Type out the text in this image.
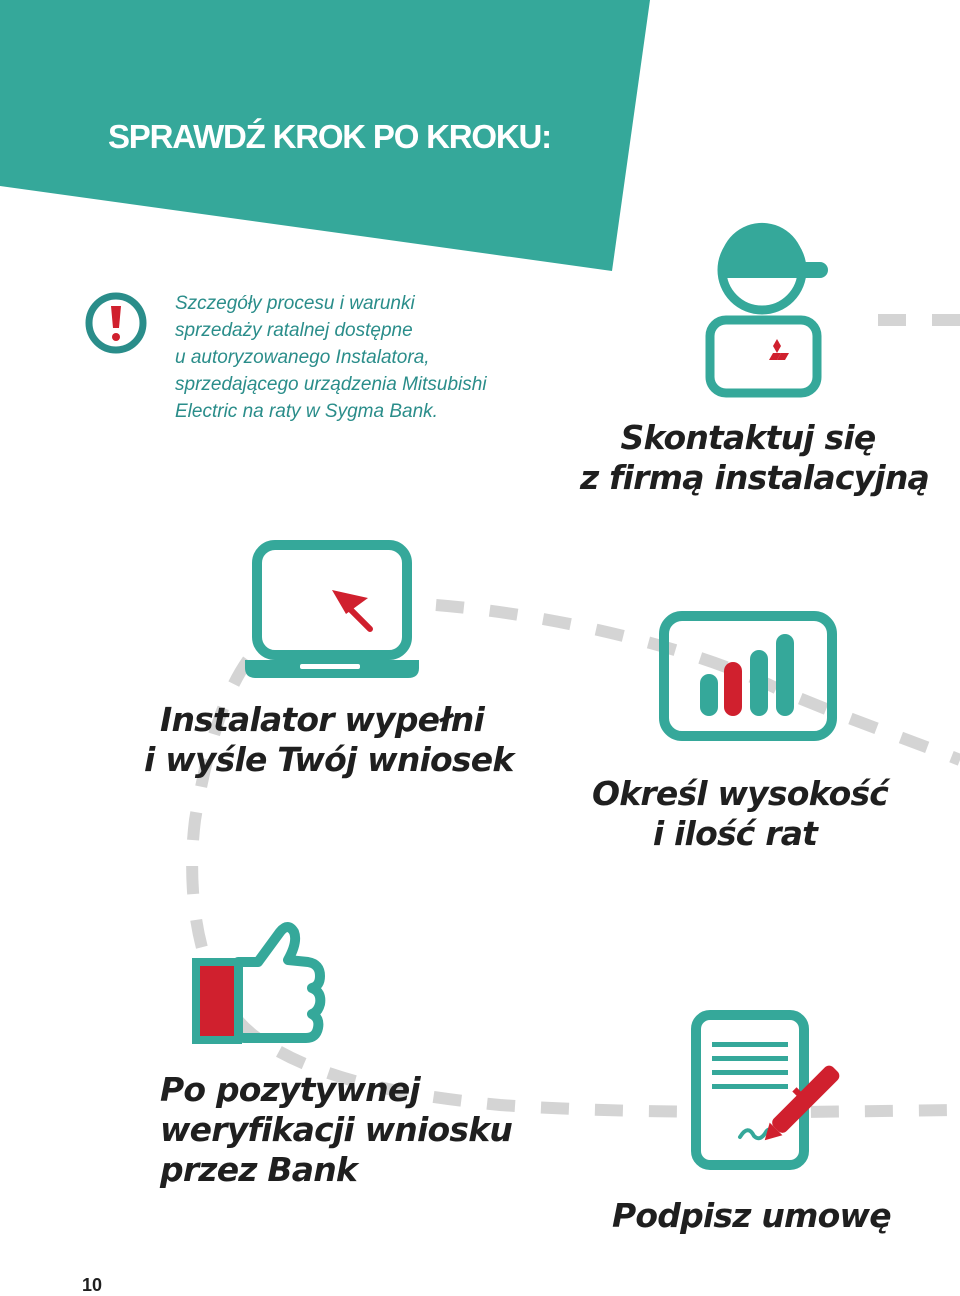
SPRAWDŹ KROK PO KROKU:
Szczegóły procesu i warunki
sprzedaży ratalnej dostępne
u autoryzowanego Instalatora,
sprzedającego urządzenia Mitsubishi
Electric na raty w Sygma Bank.
Skontaktuj się
z firmą instalacyjną
Instalator wypełni
i wyśle Twój wniosek
Określ wysokość
i ilość rat
Po pozytywnej
weryfikacji wniosku
przez Bank
Podpisz umowę
10
